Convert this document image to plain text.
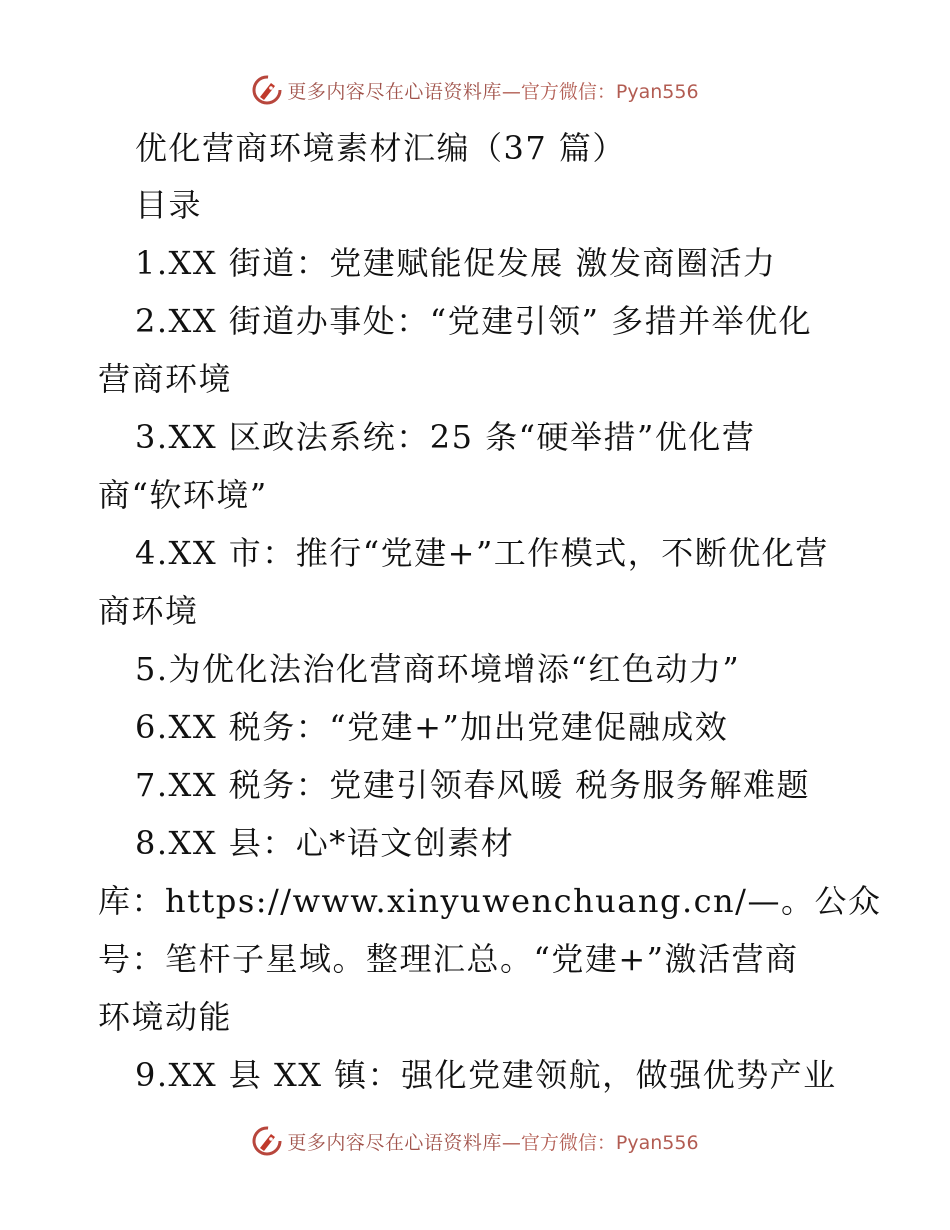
更多内容尽在心语资料库 —官方微信：Pyan556
优化营商环境素材汇编（37 篇）
目录
1.XX 街道：党建赋能促发展 激发商圈活力
2.XX 街道办事处：“党建引领” 多措并举优化
营商环境
3.XX 区政法系统：25 条“硬举措”优化营
商“软环境”
4.XX 市：推行“党建+”工作模式，不断优化营
商环境
5.为优化法治化营商环境增添“红色动力”
6.XX 税务：“党建+”加出党建促融成效
7.XX 税务：党建引领春风暖 税务服务解难题
8.XX 县：心*语文创素材
库：https://www.xinyuwenchuang.cn/—。公众
号：笔杆子星域。整理汇总。“党建+”激活营商
环境动能
9.XX 县 XX 镇：强化党建领航，做强优势产业
更多内容尽在心语资料库 —官方微信：Pyan556
